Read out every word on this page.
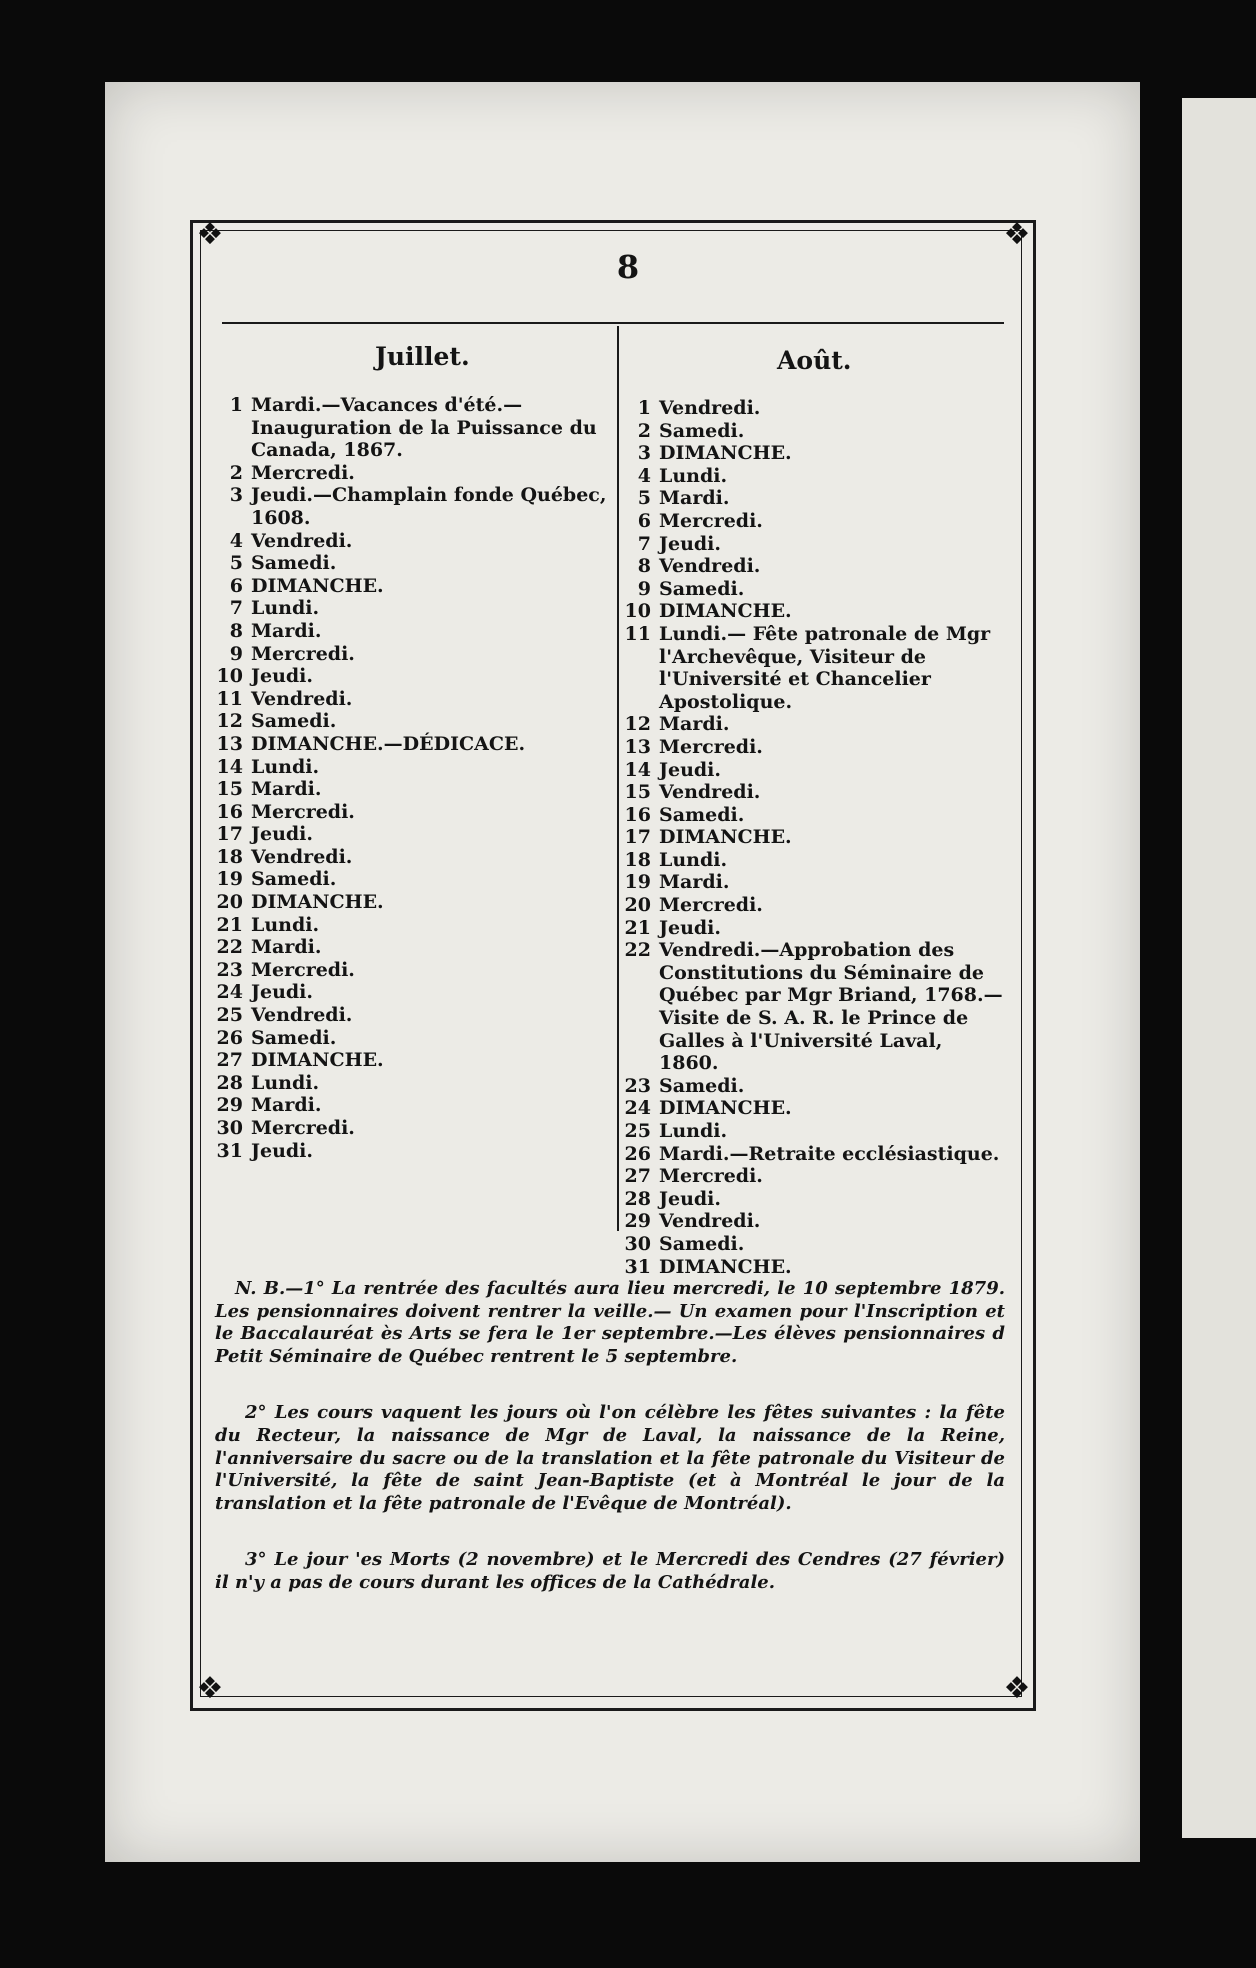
❖	❖
❖	❖
8
Juillet.	Août.
1 Mardi.—Vacances d'été.—Inauguration de la Puissance du Canada, 1867.
2 Mercredi.
3 Jeudi.—Champlain fonde Québec, 1608.
4 Vendredi.
5 Samedi.
6 DIMANCHE.
7 Lundi.
8 Mardi.
9 Mercredi.
10 Jeudi.
11 Vendredi.
12 Samedi.
13 DIMANCHE.—DÉDICACE.
14 Lundi.
15 Mardi.
16 Mercredi.
17 Jeudi.
18 Vendredi.
19 Samedi.
20 DIMANCHE.
21 Lundi.
22 Mardi.
23 Mercredi.
24 Jeudi.
25 Vendredi.
26 Samedi.
27 DIMANCHE.
28 Lundi.
29 Mardi.
30 Mercredi.
31 Jeudi.
1 Vendredi.
2 Samedi.
3 DIMANCHE.
4 Lundi.
5 Mardi.
6 Mercredi.
7 Jeudi.
8 Vendredi.
9 Samedi.
10 DIMANCHE.
11 Lundi.— Fête patronale de Mgr l'Archevêque, Visiteur de l'Université et Chancelier Apostolique.
12 Mardi.
13 Mercredi.
14 Jeudi.
15 Vendredi.
16 Samedi.
17 DIMANCHE.
18 Lundi.
19 Mardi.
20 Mercredi.
21 Jeudi.
22 Vendredi.—Approbation des Constitutions du Séminaire de Québec par Mgr Briand, 1768.—Visite de S. A. R. le Prince de Galles à l'Université Laval, 1860.
23 Samedi.
24 DIMANCHE.
25 Lundi.
26 Mardi.—Retraite ecclésiastique.
27 Mercredi.
28 Jeudi.
29 Vendredi.
30 Samedi.
31 DIMANCHE.

N. B.—1° La rentrée des facultés aura lieu mercredi, le 10 septembre 1879. Les pensionnaires doivent rentrer la veille.— Un examen pour l'Inscription et le Baccalauréat ès Arts se fera le 1er septembre.—Les élèves pensionnaires d Petit Séminaire de Québec rentrent le 5 septembre.

2° Les cours vaquent les jours où l'on célèbre les fêtes suivantes : la fête du Recteur, la naissance de Mgr de Laval, la naissance de la Reine, l'anniversaire du sacre ou de la translation et la fête patronale du Visiteur de l'Université, la fête de saint Jean-Baptiste (et à Montréal le jour de la translation et la fête patronale de l'Evêque de Montréal).

3° Le jour 'es Morts (2 novembre) et le Mercredi des Cendres (27 février) il n'y a pas de cours durant les offices de la Cathédrale.
